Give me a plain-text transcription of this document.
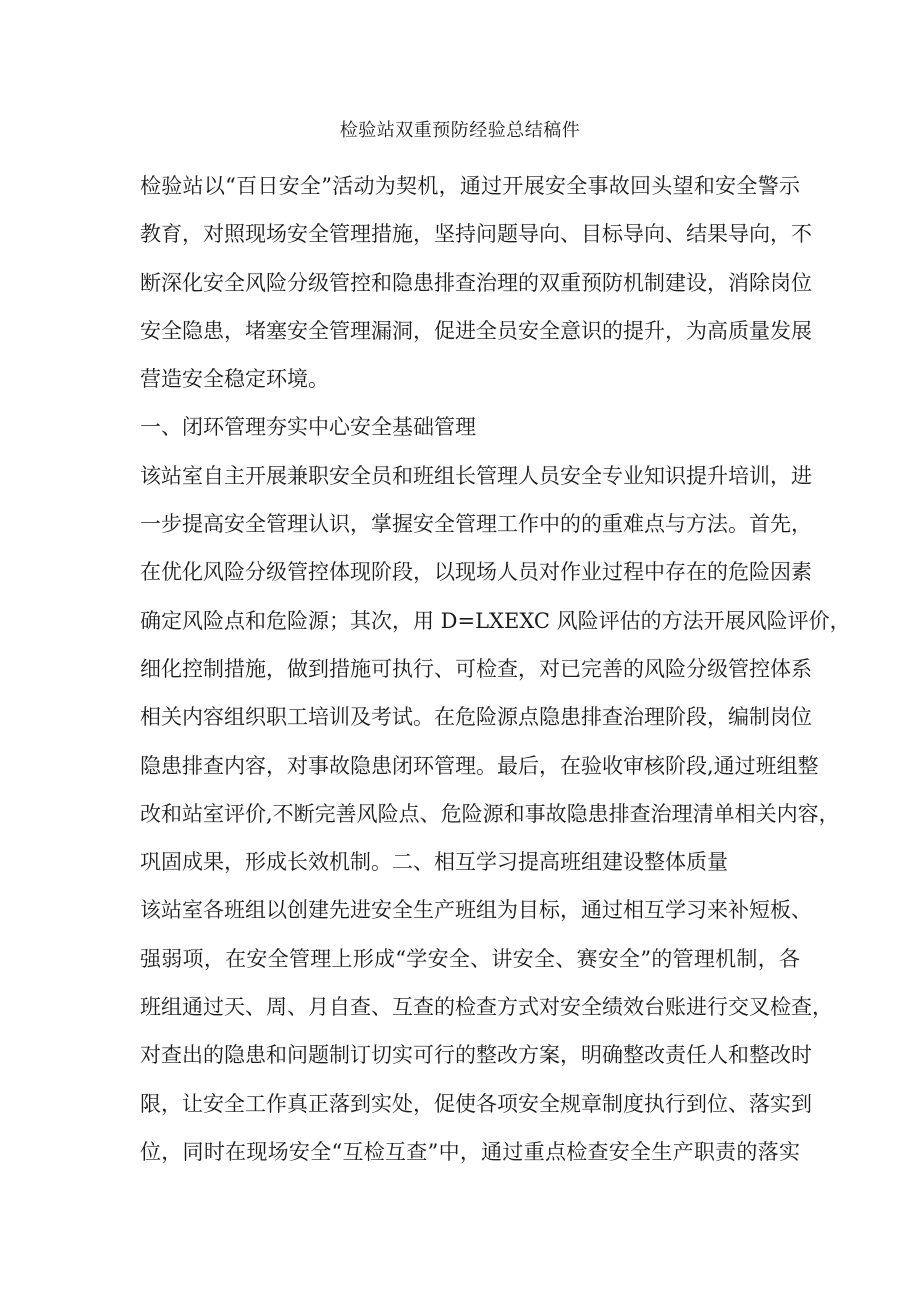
检验站双重预防经验总结稿件
检验站以“百日安全”活动为契机，通过开展安全事故回头望和安全警示
教育，对照现场安全管理措施，坚持问题导向、目标导向、结果导向，不
断深化安全风险分级管控和隐患排查治理的双重预防机制建设，消除岗位
安全隐患，堵塞安全管理漏洞，促进全员安全意识的提升，为高质量发展
营造安全稳定环境。
一、闭环管理夯实中心安全基础管理
该站室自主开展兼职安全员和班组长管理人员安全专业知识提升培训，进
一步提高安全管理认识，掌握安全管理工作中的的重难点与方法。首先，
在优化风险分级管控体现阶段，以现场人员对作业过程中存在的危险因素
确定风险点和危险源；其次，用 D=LXEXC 风险评估的方法开展风险评价，
细化控制措施，做到措施可执行、可检查，对已完善的风险分级管控体系
相关内容组织职工培训及考试。在危险源点隐患排查治理阶段，编制岗位
隐患排查内容，对事故隐患闭环管理。最后，在验收审核阶段,通过班组整
改和站室评价,不断完善风险点、危险源和事故隐患排查治理清单相关内容，
巩固成果，形成长效机制。二、相互学习提高班组建设整体质量
该站室各班组以创建先进安全生产班组为目标，通过相互学习来补短板、
强弱项，在安全管理上形成“学安全、讲安全、赛安全”的管理机制，各
班组通过天、周、月自查、互查的检查方式对安全绩效台账进行交叉检查，
对查出的隐患和问题制订切实可行的整改方案，明确整改责任人和整改时
限，让安全工作真正落到实处，促使各项安全规章制度执行到位、落实到
位，同时在现场安全“互检互查”中，通过重点检查安全生产职责的落实
